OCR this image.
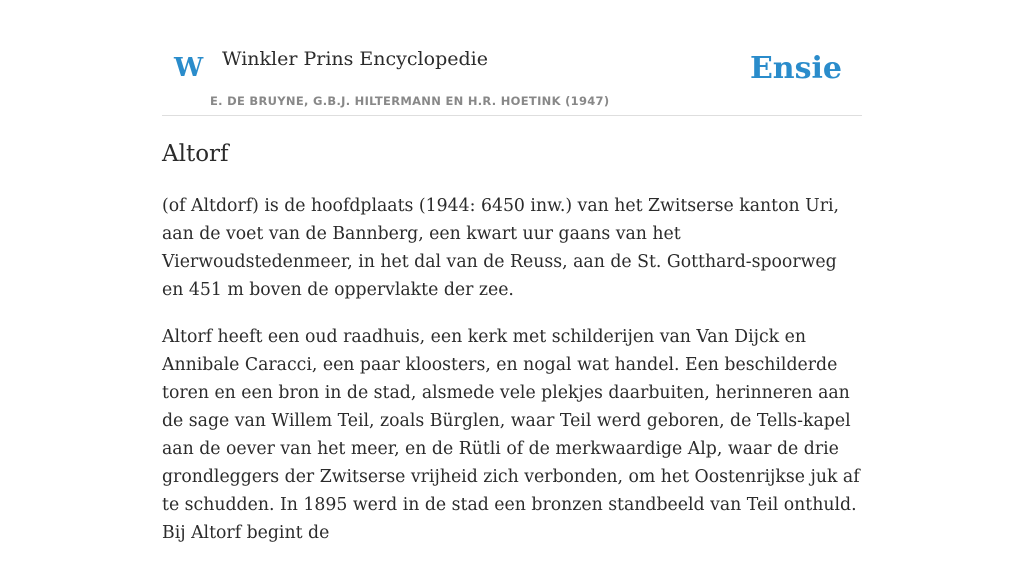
W Winkler Prins Encyclopedie	Ensie
E. DE BRUYNE, G.B.J. HILTERMANN EN H.R. HOETINK (1947)
Altorf

(of Altdorf) is de hoofdplaats (1944: 6450 inw.) van het Zwitserse kanton Uri, aan de voet van de Bannberg, een kwart uur gaans van het Vierwoudstedenmeer, in het dal van de Reuss, aan de St. Gotthard-spoorweg en 451 m boven de oppervlakte der zee.

Altorf heeft een oud raadhuis, een kerk met schilderijen van Van Dijck en Annibale Caracci, een paar kloosters, en nogal wat handel. Een beschilderde toren en een bron in de stad, alsmede vele plekjes daarbuiten, herinneren aan de sage van Willem Teil, zoals Bürglen, waar Teil werd geboren, de Tells-kapel aan de oever van het meer, en de Rütli of de merkwaardige Alp, waar de drie grondleggers der Zwitserse vrijheid zich verbonden, om het Oostenrijkse juk af te schudden. In 1895 werd in de stad een bronzen standbeeld van Teil onthuld. Bij Altorf begint de
